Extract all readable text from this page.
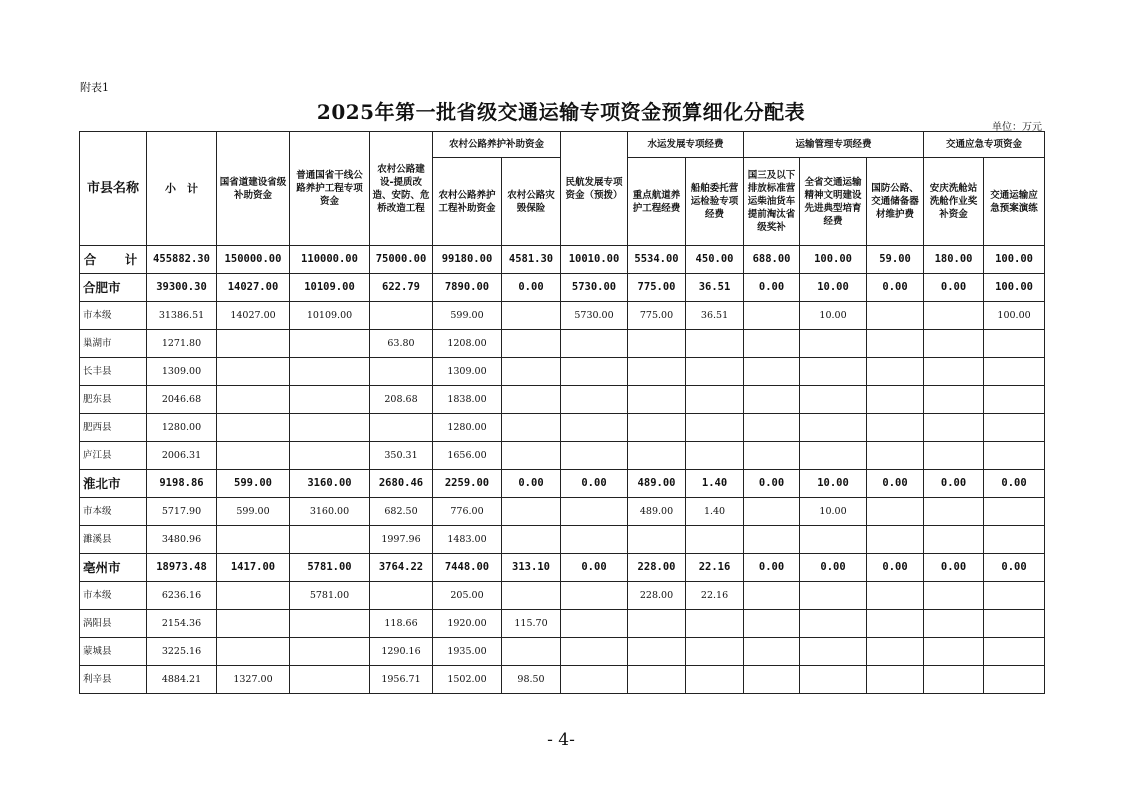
附表1
2025年第一批省级交通运输专项资金预算细化分配表
单位：万元
市县名称	小　计	国省道建设省级补助资金	普通国省干线公路养护工程专项资金	农村公路建设-提质改造、安防、危桥改造工程	农村公路养护补助资金		民航发展专项资金（预拨）	水运发展专项经费		运输管理专项经费			交通应急专项资金	
					农村公路养护工程补助资金	农村公路灾毁保险		重点航道养护工程经费	船舶委托营运检验专项经费	国三及以下排放标准营运柴油货车提前淘汰省级奖补	全省交通运输精神文明建设先进典型培育经费	国防公路、交通储备器材维护费	安庆洗舱站洗舱作业奖补资金	交通运输应急预案演练
合　计	455882.30	150000.00	110000.00	75000.00	99180.00	4581.30	10010.00	5534.00	450.00	688.00	100.00	59.00	180.00	100.00
合肥市	39300.30	14027.00	10109.00	622.79	7890.00	0.00	5730.00	775.00	36.51	0.00	10.00	0.00	0.00	100.00
市本级	31386.51	14027.00	10109.00		599.00		5730.00	775.00	36.51		10.00			100.00
巢湖市	1271.80			63.80	1208.00									
长丰县	1309.00				1309.00									
肥东县	2046.68			208.68	1838.00									
肥西县	1280.00				1280.00									
庐江县	2006.31			350.31	1656.00									
淮北市	9198.86	599.00	3160.00	2680.46	2259.00	0.00	0.00	489.00	1.40	0.00	10.00	0.00	0.00	0.00
市本级	5717.90	599.00	3160.00	682.50	776.00			489.00	1.40		10.00			
濉溪县	3480.96			1997.96	1483.00									
亳州市	18973.48	1417.00	5781.00	3764.22	7448.00	313.10	0.00	228.00	22.16	0.00	0.00	0.00	0.00	0.00
市本级	6236.16		5781.00		205.00			228.00	22.16					
涡阳县	2154.36			118.66	1920.00	115.70								
蒙城县	3225.16			1290.16	1935.00									
利辛县	4884.21	1327.00		1956.71	1502.00	98.50								
- 4-
